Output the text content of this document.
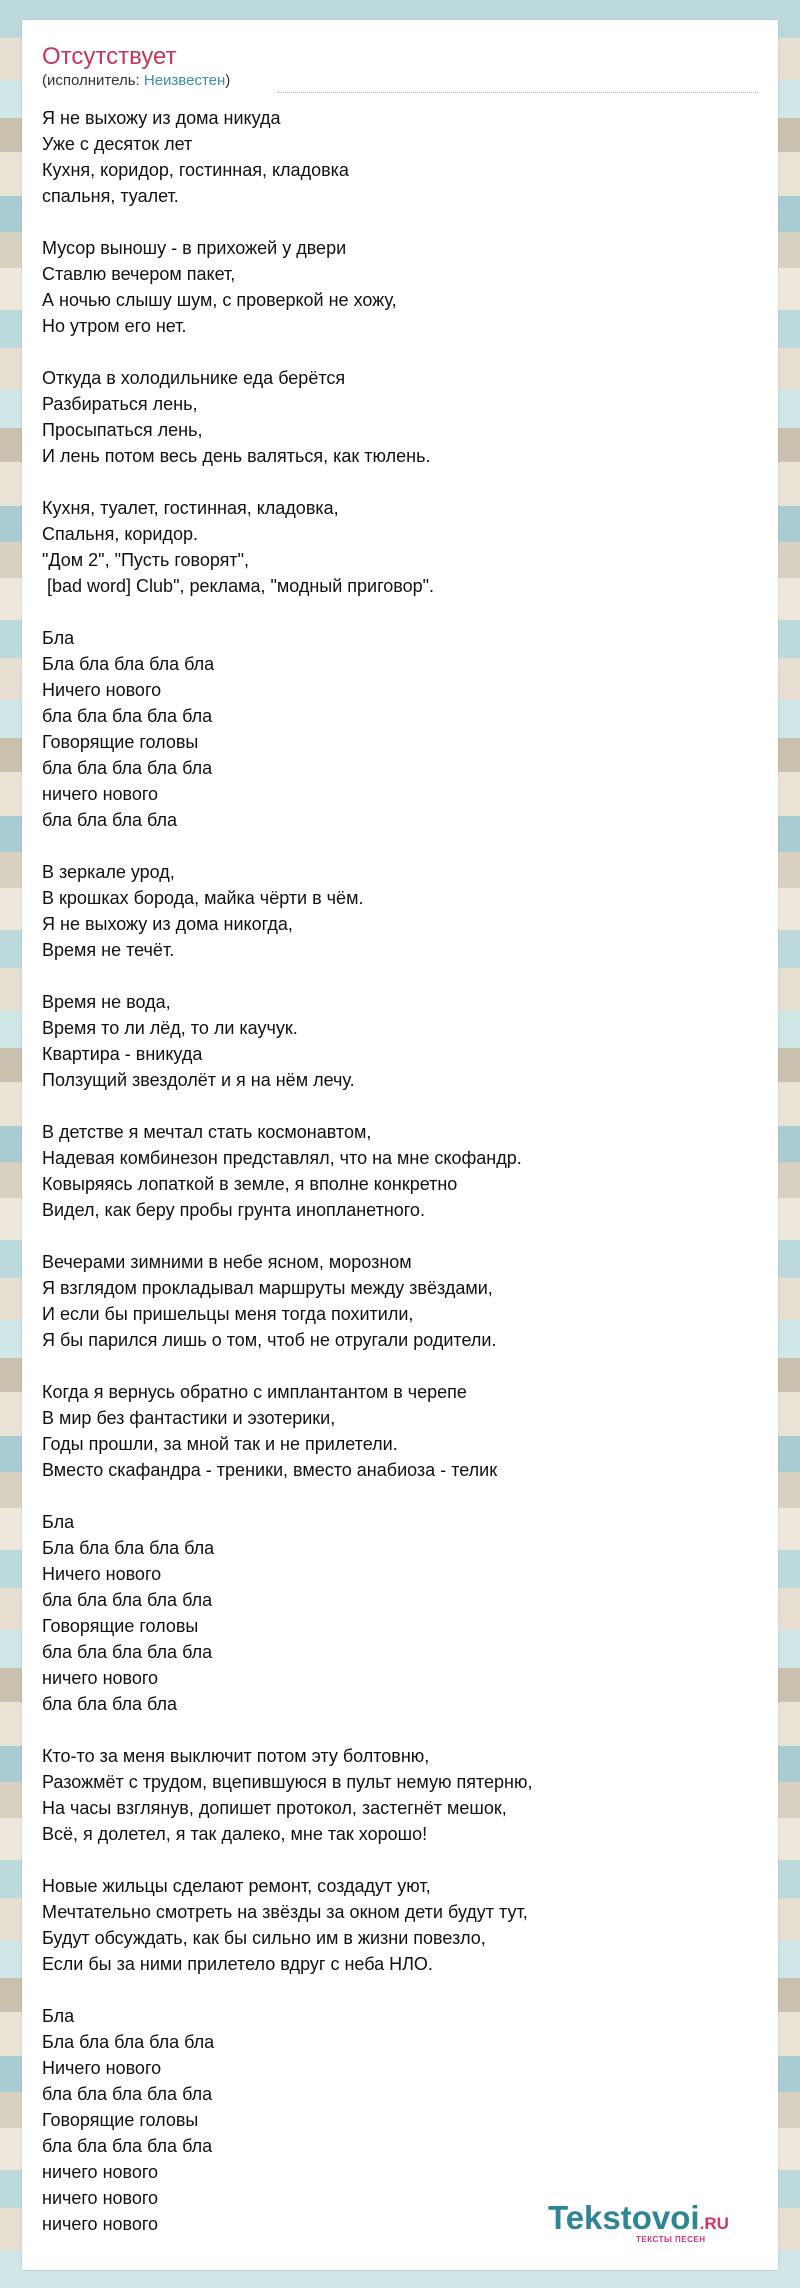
Отсутствует
(исполнитель: Неизвестен)
Я не выхожу из дома никуда
Уже с десяток лет
Кухня, коридор, гостинная, кладовка
спальня, туалет.
Мусор выношу - в прихожей у двери
Ставлю вечером пакет,
А ночью слышу шум, с проверкой не хожу,
Но утром его нет.
Откуда в холодильнике еда берётся
Разбираться лень,
Просыпаться лень,
И лень потом весь день валяться, как тюлень.
Кухня, туалет, гостинная, кладовка,
Спальня, коридор.
"Дом 2", "Пусть говорят",
[bad word] Club", реклама, "модный приговор".
Бла
Бла бла бла бла бла
Ничего нового
бла бла бла бла бла
Говорящие головы
бла бла бла бла бла
ничего нового
бла бла бла бла
В зеркале урод,
В крошках борода, майка чёрти в чём.
Я не выхожу из дома никогда,
Время не течёт.
Время не вода,
Время то ли лёд, то ли каучук.
Квартира - вникуда
Ползущий звездолёт и я на нём лечу.
В детстве я мечтал стать космонавтом,
Надевая комбинезон представлял, что на мне скофандр.
Ковыряясь лопаткой в земле, я вполне конкретно
Видел, как беру пробы грунта инопланетного.
Вечерами зимними в небе ясном, морозном
Я взглядом прокладывал маршруты между звёздами,
И если бы пришельцы меня тогда похитили,
Я бы парился лишь о том, чтоб не отругали родители.
Когда я вернусь обратно с имплантантом в черепе
В мир без фантастики и эзотерики,
Годы прошли, за мной так и не прилетели.
Вместо скафандра - треники, вместо анабиоза - телик
Бла
Бла бла бла бла бла
Ничего нового
бла бла бла бла бла
Говорящие головы
бла бла бла бла бла
ничего нового
бла бла бла бла
Кто-то за меня выключит потом эту болтовню,
Разожмёт с трудом, вцепившуюся в пульт немую пятерню,
На часы взглянув, допишет протокол, застегнёт мешок,
Всё, я долетел, я так далеко, мне так хорошо!
Новые жильцы сделают ремонт, создадут уют,
Мечтательно смотреть на звёзды за окном дети будут тут,
Будут обсуждать, как бы сильно им в жизни повезло,
Если бы за ними прилетело вдруг с неба НЛО.
Бла
Бла бла бла бла бла
Ничего нового
бла бла бла бла бла
Говорящие головы
бла бла бла бла бла
ничего нового
ничего нового
ничего нового	Tekstovoi.RU
ТЕКСТЫ ПЕСЕН
